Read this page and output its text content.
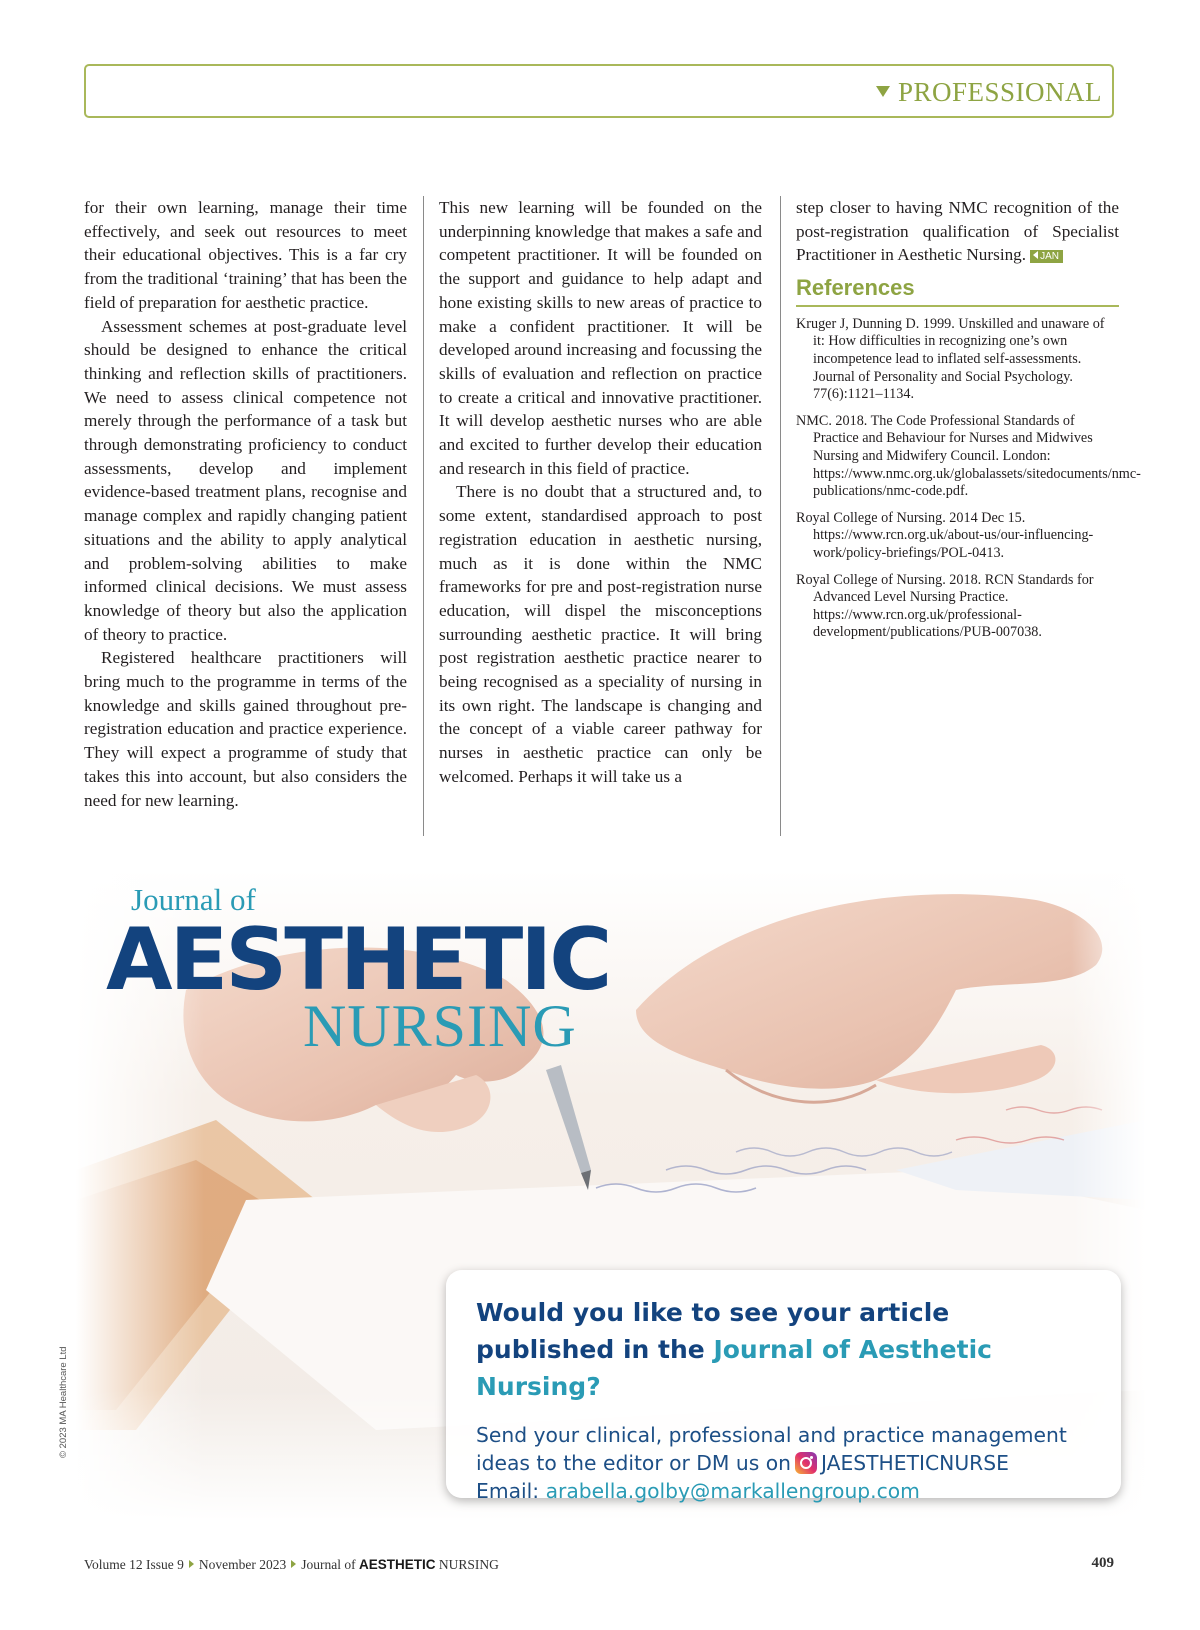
PROFESSIONAL

for their own learning, manage their time effectively, and seek out resources to meet their educational objectives. This is a far cry from the traditional ‘training’ that has been the field of preparation for aesthetic practice.

Assessment schemes at post-graduate level should be designed to enhance the critical thinking and reflection skills of practitioners. We need to assess clinical competence not merely through the performance of a task but through demonstrating proficiency to conduct assessments, develop and implement evidence-based treatment plans, recognise and manage complex and rapidly changing patient situations and the ability to apply analytical and problem-solving abilities to make informed clinical decisions. We must assess knowledge of theory but also the application of theory to practice.

Registered healthcare practitioners will bring much to the programme in terms of the knowledge and skills gained throughout pre-registration education and practice experience. They will expect a programme of study that takes this into account, but also considers the need for new learning.

This new learning will be founded on the underpinning knowledge that makes a safe and competent practitioner. It will be founded on the support and guidance to help adapt and hone existing skills to new areas of practice to make a confident practitioner. It will be developed around increasing and focussing the skills of evaluation and reflection on practice to create a critical and innovative practitioner. It will develop aesthetic nurses who are able and excited to further develop their education and research in this field of practice.

There is no doubt that a structured and, to some extent, standardised approach to post registration education in aesthetic nursing, much as it is done within the NMC frameworks for pre and post-registration nurse education, will dispel the misconceptions surrounding aesthetic practice. It will bring post registration aesthetic practice nearer to being recognised as a speciality of nursing in its own right. The landscape is changing and the concept of a viable career pathway for nurses in aesthetic practice can only be welcomed. Perhaps it will take us a

step closer to having NMC recognition of the post-registration qualification of Specialist Practitioner in Aesthetic Nursing. JAN

References
Kruger J, Dunning D. 1999. Unskilled and unaware of it: How difficulties in recognizing one’s own incompetence lead to inflated self-assessments. Journal of Personality and Social Psychology. 77(6):1121–1134.
NMC. 2018. The Code Professional Standards of Practice and Behaviour for Nurses and Midwives Nursing and Midwifery Council. London: https://www.nmc.org.uk/globalassets/sitedocuments/nmc-publications/nmc-code.pdf.
Royal College of Nursing. 2014 Dec 15. https://www.rcn.org.uk/about-us/our-influencing-work/policy-briefings/POL-0413.
Royal College of Nursing. 2018. RCN Standards for Advanced Level Nursing Practice. https://www.rcn.org.uk/professional-development/publications/PUB-007038.
Journal of
AESTHETIC
NURSING
Would you like to see your article published in the Journal of Aesthetic Nursing?
Send your clinical, professional and practice management ideas to the editor or DM us on JAESTHETICNURSE
Email: arabella.golby@markallengroup.com
© 2023 MA Healthcare Ltd
Volume 12 Issue 9 November 2023 Journal of AESTHETIC NURSING	409
